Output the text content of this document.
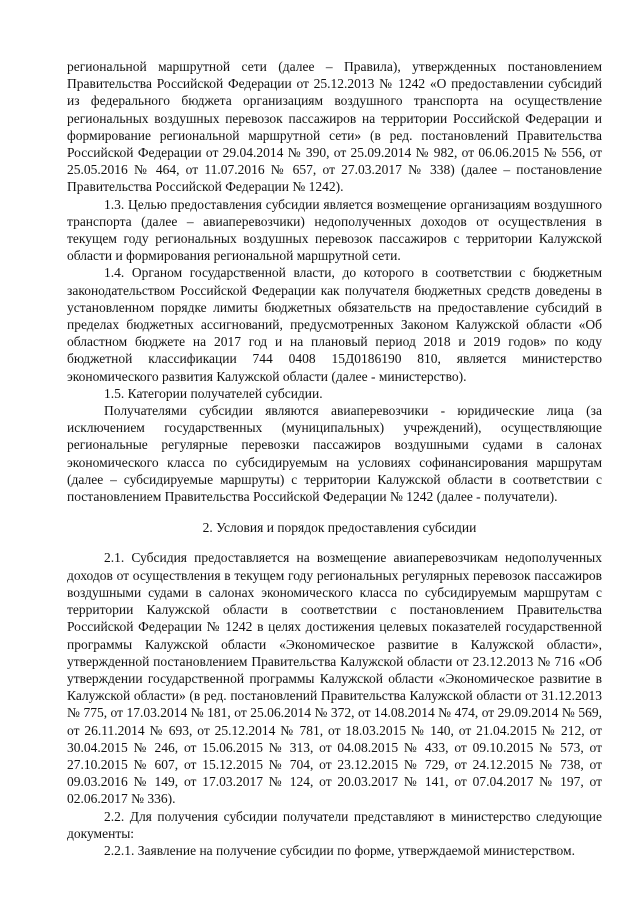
региональной маршрутной сети (далее – Правила), утвержденных постановлением Правительства Российской Федерации от 25.12.2013 № 1242 «О предоставлении субсидий из федерального бюджета организациям воздушного транспорта на осуществление региональных воздушных перевозок пассажиров на территории Российской Федерации и формирование региональной маршрутной сети» (в ред. постановлений Правительства Российской Федерации от 29.04.2014 № 390, от 25.09.2014 № 982, от 06.06.2015 № 556, от 25.05.2016 № 464, от 11.07.2016 № 657, от 27.03.2017 № 338) (далее – постановление Правительства Российской Федерации № 1242).

1.3. Целью предоставления субсидии является возмещение организациям воздушного транспорта (далее – авиаперевозчики) недополученных доходов от осуществления в текущем году региональных воздушных перевозок пассажиров с территории Калужской области и формирования региональной маршрутной сети.

1.4. Органом государственной власти, до которого в соответствии с бюджетным законодательством Российской Федерации как получателя бюджетных средств доведены в установленном порядке лимиты бюджетных обязательств на предоставление субсидий в пределах бюджетных ассигнований, предусмотренных Законом Калужской области «Об областном бюджете на 2017 год и на плановый период 2018 и 2019 годов» по коду бюджетной классификации 744 0408 15Д0186190 810, является министерство экономического развития Калужской области (далее - министерство).

1.5. Категории получателей субсидии.

Получателями субсидии являются авиаперевозчики - юридические лица (за исключением государственных (муниципальных) учреждений), осуществляющие региональные регулярные перевозки пассажиров воздушными судами в салонах экономического класса по субсидируемым на условиях софинансирования маршрутам (далее – субсидируемые маршруты) с территории Калужской области в соответствии с постановлением Правительства Российской Федерации № 1242 (далее - получатели).

2. Условия и порядок предоставления субсидии

2.1. Субсидия предоставляется на возмещение авиаперевозчикам недополученных доходов от осуществления в текущем году региональных регулярных перевозок пассажиров воздушными судами в салонах экономического класса по субсидируемым маршрутам с территории Калужской области в соответствии с постановлением Правительства Российской Федерации № 1242 в целях достижения целевых показателей государственной программы Калужской области «Экономическое развитие в Калужской области», утвержденной постановлением Правительства Калужской области от 23.12.2013 № 716 «Об утверждении государственной программы Калужской области «Экономическое развитие в Калужской области» (в ред. постановлений Правительства Калужской области от 31.12.2013 № 775, от 17.03.2014 № 181, от 25.06.2014 № 372, от 14.08.2014 № 474, от 29.09.2014 № 569, от 26.11.2014 № 693, от 25.12.2014 № 781, от 18.03.2015 № 140, от 21.04.2015 № 212, от 30.04.2015 № 246, от 15.06.2015 № 313, от 04.08.2015 № 433, от 09.10.2015 № 573, от 27.10.2015 № 607, от 15.12.2015 № 704, от 23.12.2015 № 729, от 24.12.2015 № 738, от 09.03.2016 № 149, от 17.03.2017 № 124, от 20.03.2017 № 141, от 07.04.2017 № 197, от 02.06.2017 № 336).

2.2. Для получения субсидии получатели представляют в министерство следующие документы:

2.2.1. Заявление на получение субсидии по форме, утверждаемой министерством.
